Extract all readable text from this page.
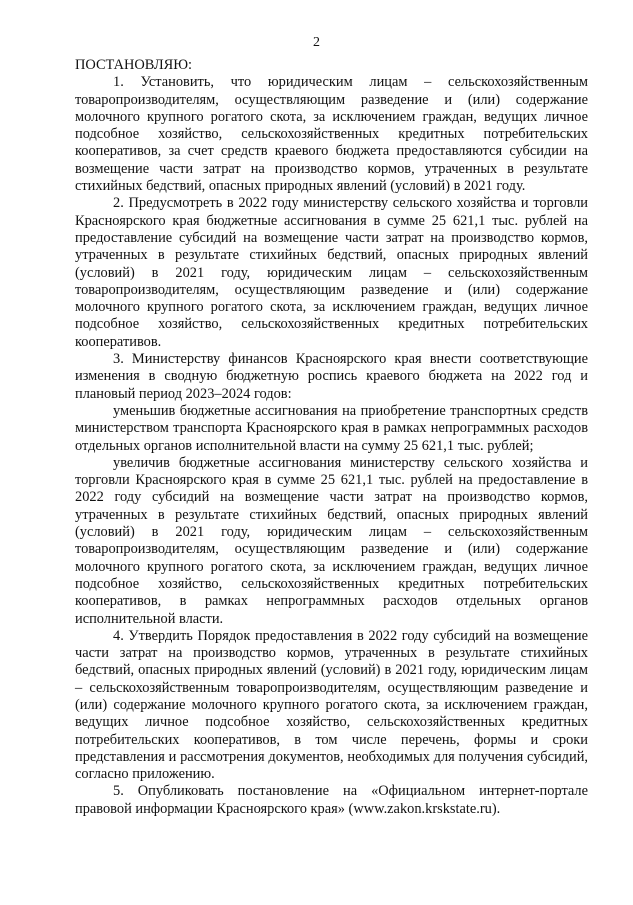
2

ПОСТАНОВЛЯЮ:

1. Установить, что юридическим лицам – сельскохозяйственным товаропроизводителям, осуществляющим разведение и (или) содержание молочного крупного рогатого скота, за исключением граждан, ведущих личное подсобное хозяйство, сельскохозяйственных кредитных потребительских кооперативов, за счет средств краевого бюджета предоставляются субсидии на возмещение части затрат на производство кормов, утраченных в результате стихийных бедствий, опасных природных явлений (условий) в 2021 году.

2. Предусмотреть в 2022 году министерству сельского хозяйства и торговли Красноярского края бюджетные ассигнования в сумме 25 621,1 тыс. рублей на предоставление субсидий на возмещение части затрат на производство кормов, утраченных в результате стихийных бедствий, опасных природных явлений (условий) в 2021 году, юридическим лицам – сельскохозяйственным товаропроизводителям, осуществляющим разведение и (или) содержание молочного крупного рогатого скота, за исключением граждан, ведущих личное подсобное хозяйство, сельскохозяйственных кредитных потребительских кооперативов.

3. Министерству финансов Красноярского края внести соответствующие изменения в сводную бюджетную роспись краевого бюджета на 2022 год и плановый период 2023–2024 годов:

уменьшив бюджетные ассигнования на приобретение транспортных средств министерством транспорта Красноярского края в рамках непрограммных расходов отдельных органов исполнительной власти на сумму 25 621,1 тыс. рублей;

увеличив бюджетные ассигнования министерству сельского хозяйства и торговли Красноярского края в сумме 25 621,1 тыс. рублей на предоставление в 2022 году субсидий на возмещение части затрат на производство кормов, утраченных в результате стихийных бедствий, опасных природных явлений (условий) в 2021 году, юридическим лицам – сельскохозяйственным товаропроизводителям, осуществляющим разведение и (или) содержание молочного крупного рогатого скота, за исключением граждан, ведущих личное подсобное хозяйство, сельскохозяйственных кредитных потребительских кооперативов, в рамках непрограммных расходов отдельных органов исполнительной власти.

4. Утвердить Порядок предоставления в 2022 году субсидий на возмещение части затрат на производство кормов, утраченных в результате стихийных бедствий, опасных природных явлений (условий) в 2021 году, юридическим лицам – сельскохозяйственным товаропроизводителям, осуществляющим разведение и (или) содержание молочного крупного рогатого скота, за исключением граждан, ведущих личное подсобное хозяйство, сельскохозяйственных кредитных потребительских кооперативов, в том числе перечень, формы и сроки представления и рассмотрения документов, необходимых для получения субсидий, согласно приложению.

5. Опубликовать постановление на «Официальном интернет-портале правовой информации Красноярского края» (www.zakon.krskstate.ru).
